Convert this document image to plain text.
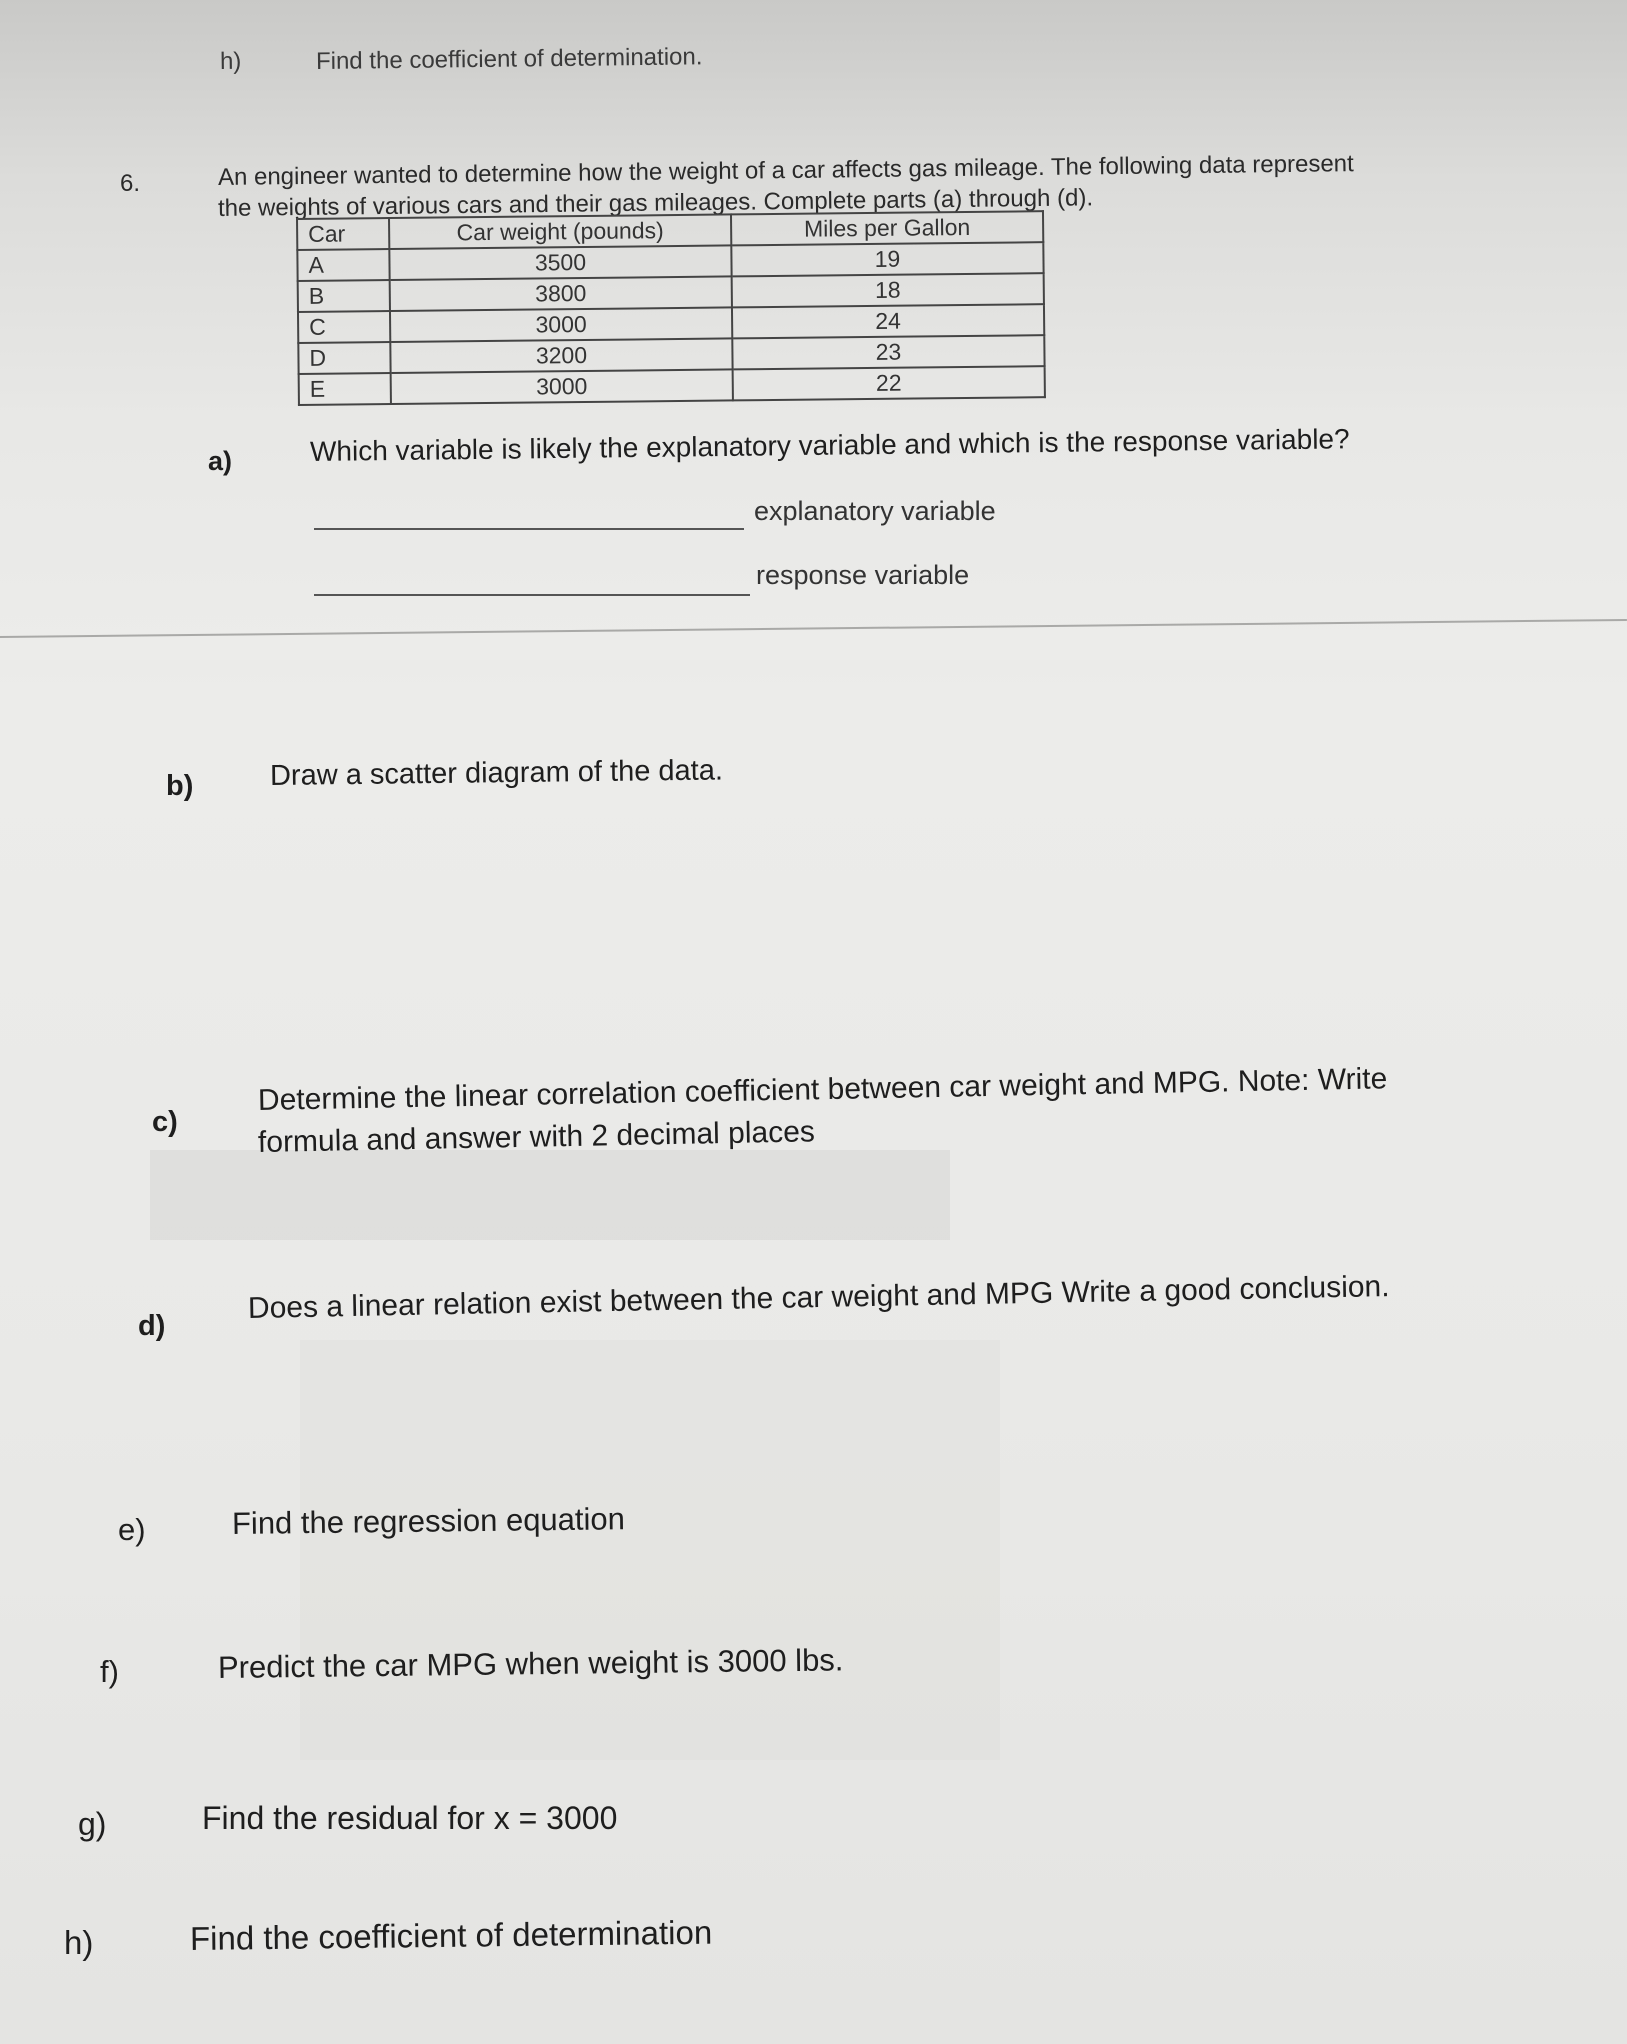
h)	Find the coefficient of determination.
6.	An engineer wanted to determine how the weight of a car affects gas mileage. The following data represent
the weights of various cars and their gas mileages. Complete parts (a) through (d).
Car	Car weight (pounds)	Miles per Gallon
A	3500	19
B	3800	18
C	3000	24
D	3200	23
E	3000	22
a)	Which variable is likely the explanatory variable and which is the response variable?
explanatory variable
response variable
b)	Draw a scatter diagram of the data.
c)
Determine the linear correlation coefficient between car weight and MPG. Note: Write
formula and answer with 2 decimal places
d)
Does a linear relation exist between the car weight and MPG Write a good conclusion.
e)	Find the regression equation
f)	Predict the car MPG when weight is 3000 lbs.
g)	Find the residual for x = 3000
h)	Find the coefficient of determination
